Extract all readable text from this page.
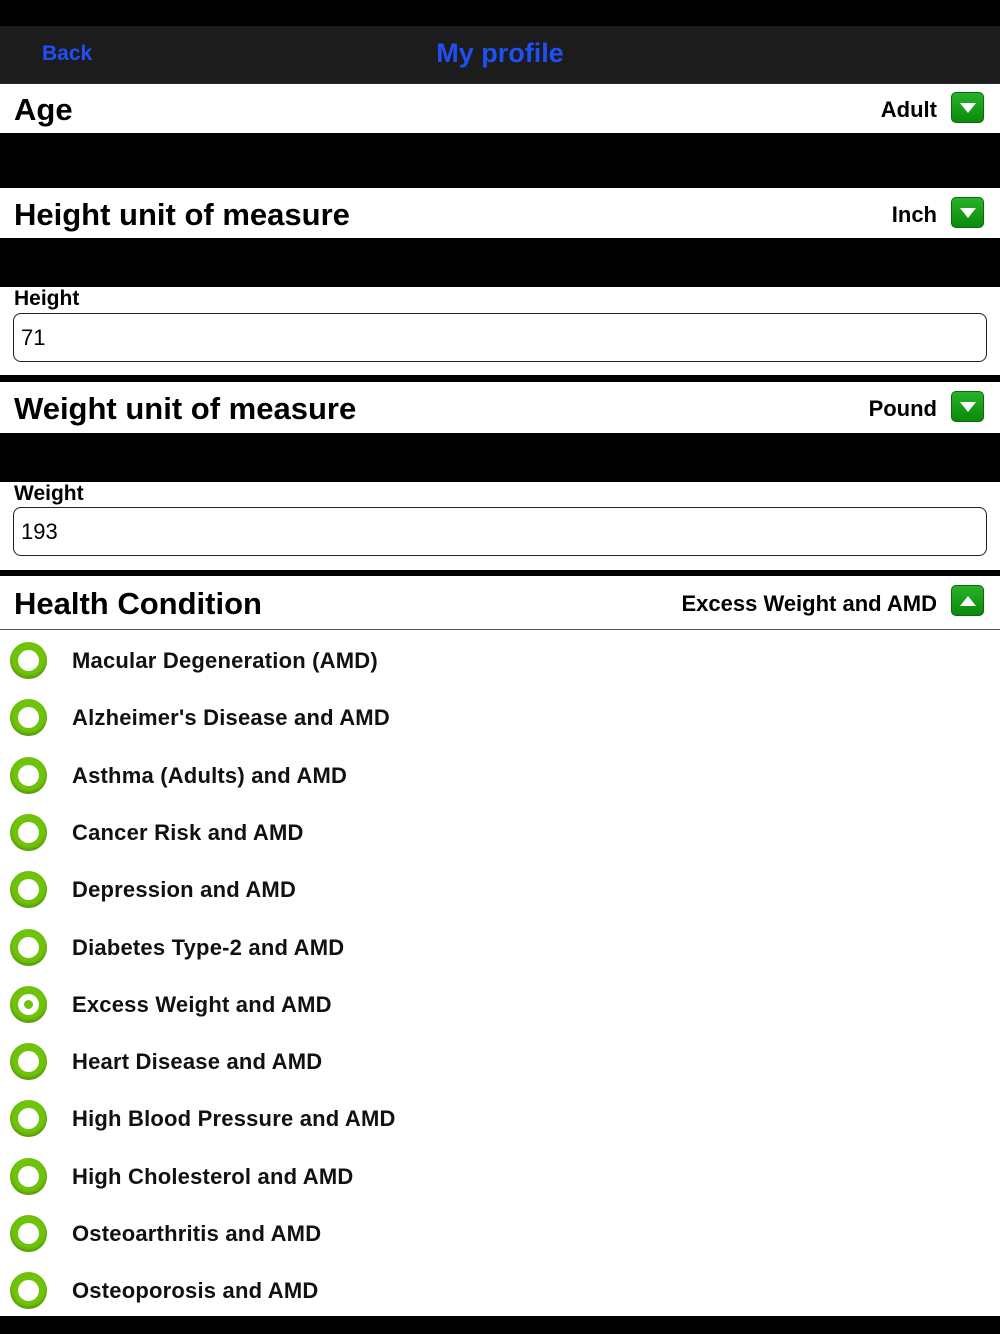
Back	My profile
Age	Adult
Height unit of measure	Inch
Height
71
Weight unit of measure	Pound
Weight
193
Health Condition	Excess Weight and AMD
Macular Degeneration (AMD)
Alzheimer's Disease and AMD
Asthma (Adults) and AMD
Cancer Risk and AMD
Depression and AMD
Diabetes Type-2 and AMD
Excess Weight and AMD
Heart Disease and AMD
High Blood Pressure and AMD
High Cholesterol and AMD
Osteoarthritis and AMD
Osteoporosis and AMD
